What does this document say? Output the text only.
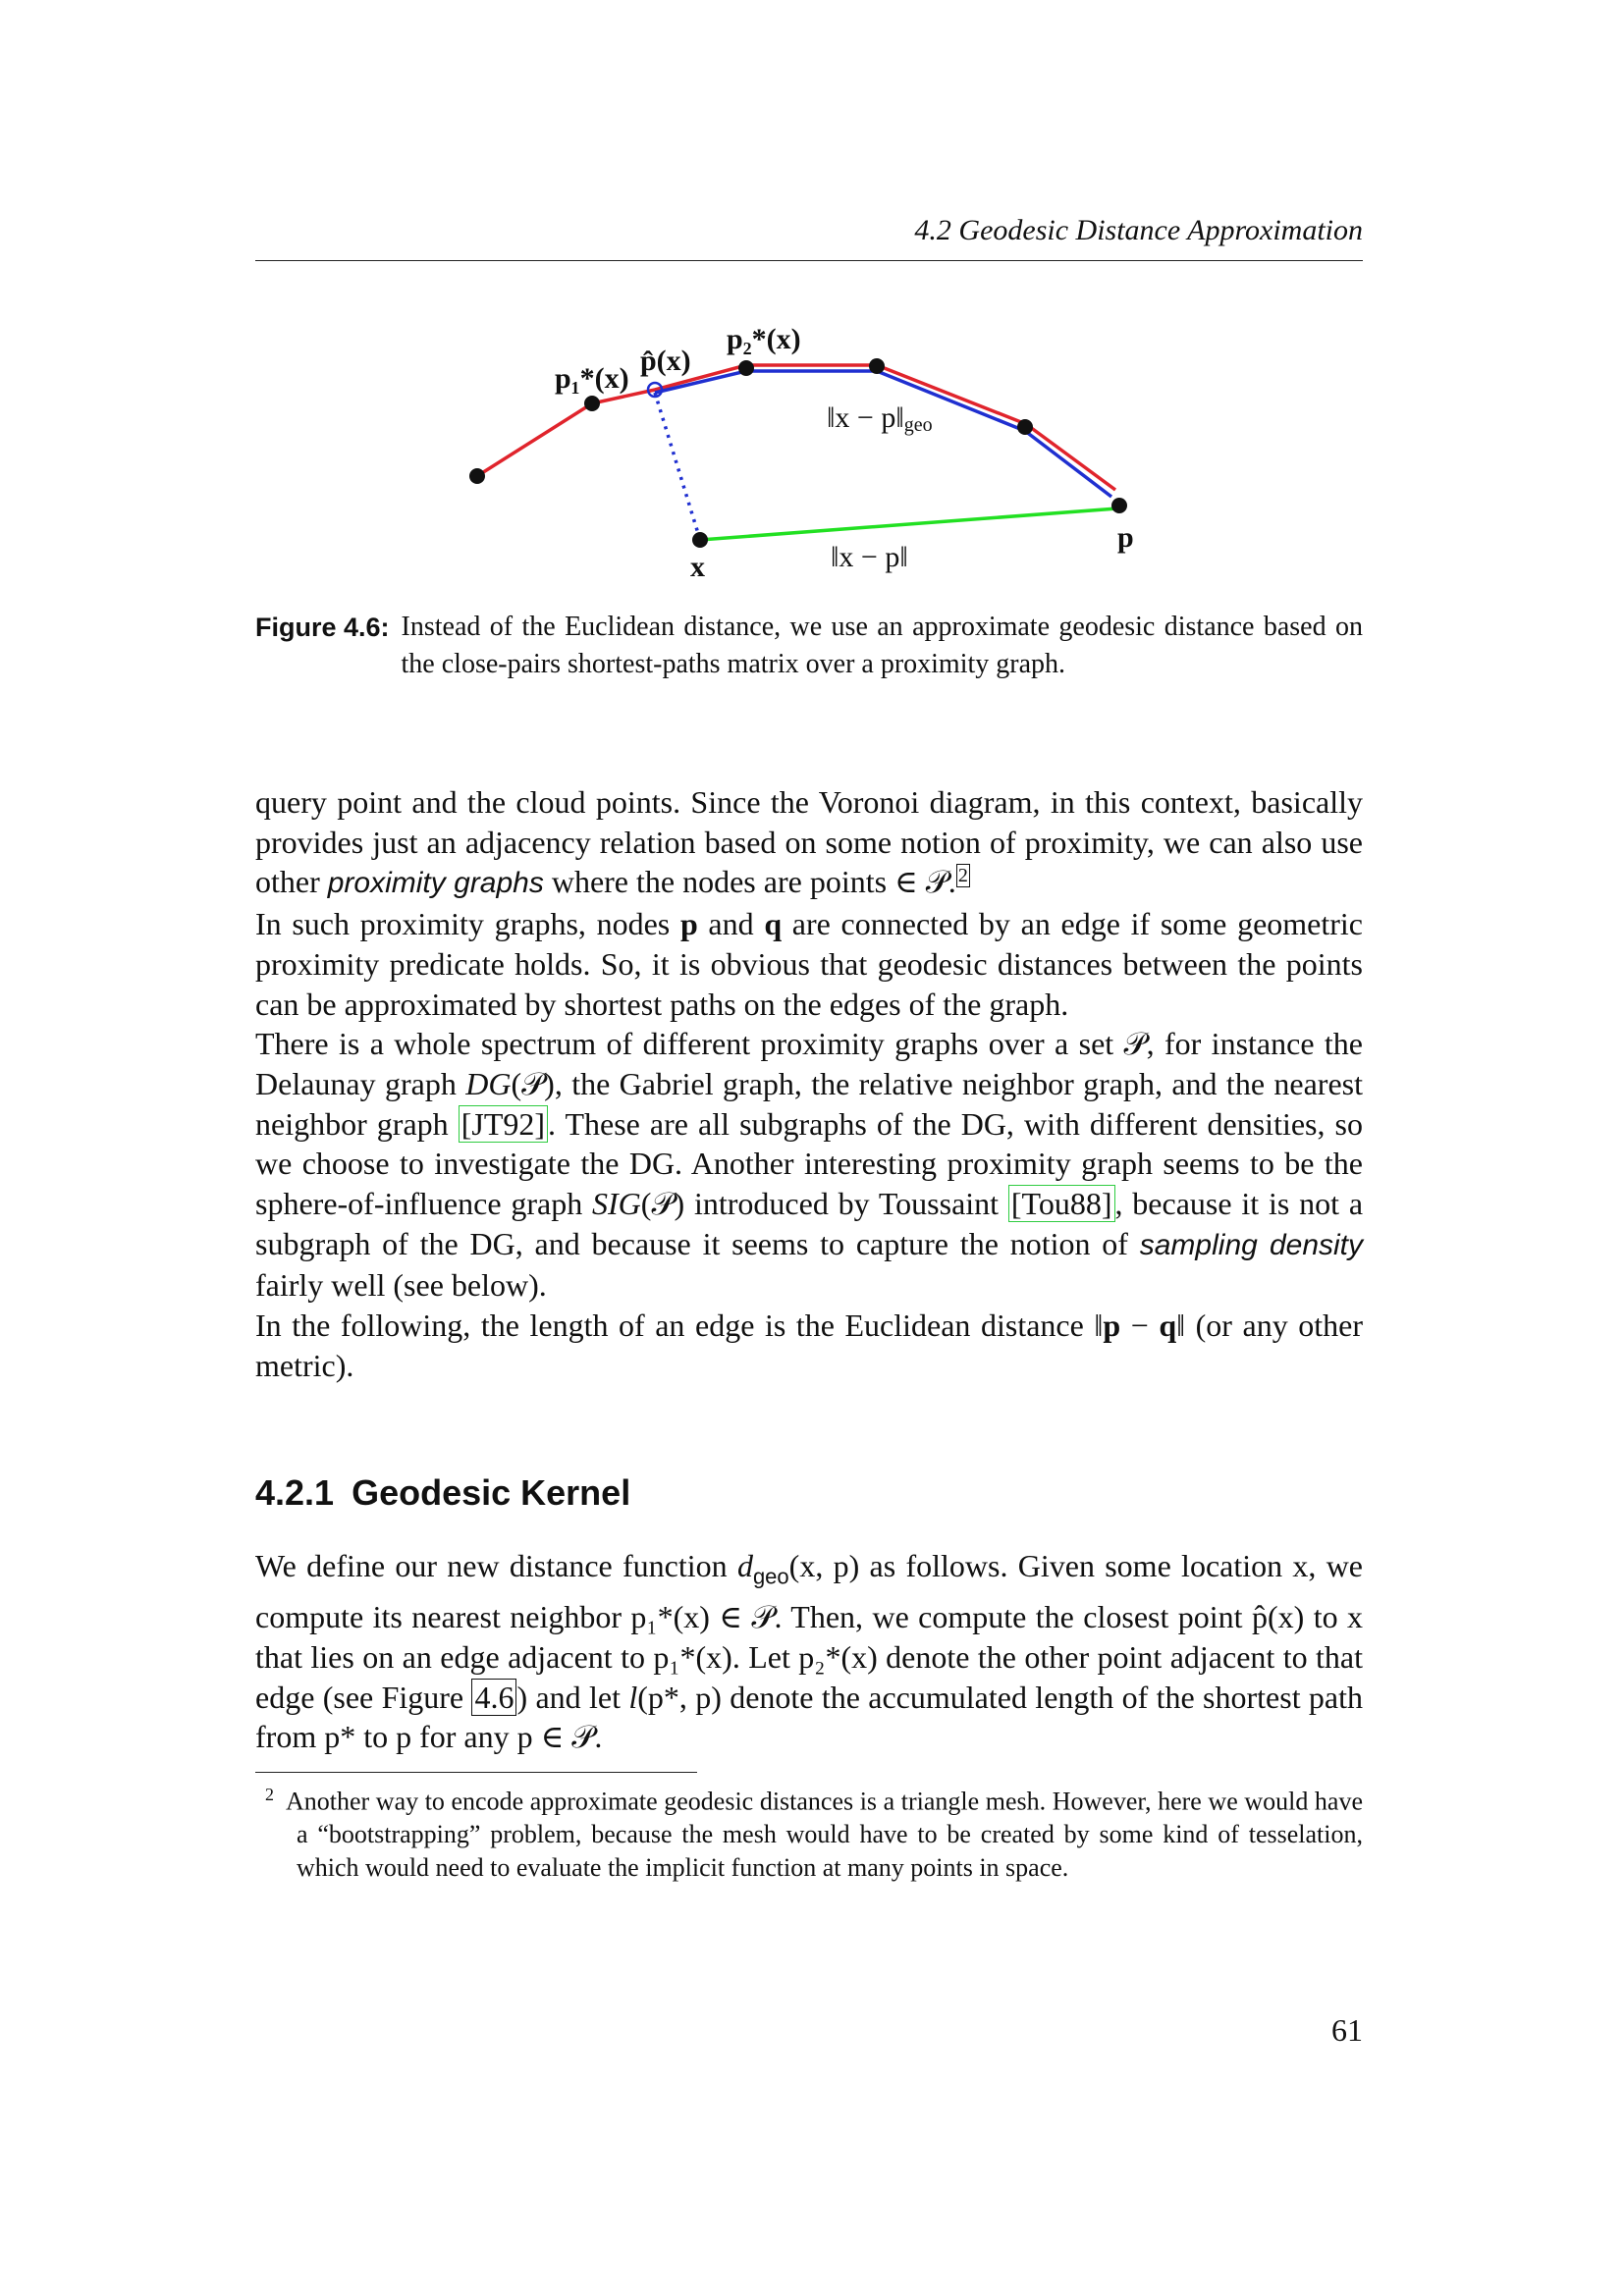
4.2 Geodesic Distance Approximation
p₁*(x)
p̂(x)
p₂*(x)
‖x − p‖geo
x
p
‖x − p‖
Figure 4.6: Instead of the Euclidean distance, we use an approximate geodesic distance based on the close-pairs shortest-paths matrix over a proximity graph.

query point and the cloud points. Since the Voronoi diagram, in this context, basically provides just an adjacency relation based on some notion of proximity, we can also use other proximity graphs where the nodes are points ∈ 𝒫. $^2$

In such proximity graphs, nodes p and q are connected by an edge if some geometric proximity predicate holds. So, it is obvious that geodesic distances between the points can be approximated by shortest paths on the edges of the graph.

There is a whole spectrum of different proximity graphs over a set 𝒫, for instance the Delaunay graph DG(𝒫), the Gabriel graph, the relative neighbor graph, and the nearest neighbor graph [JT92]. These are all subgraphs of the DG, with different densities, so we choose to investigate the DG. Another interesting proximity graph seems to be the sphere-of-influence graph SIG(𝒫) introduced by Toussaint [Tou88], because it is not a subgraph of the DG, and because it seems to capture the notion of sampling density fairly well (see below).

In the following, the length of an edge is the Euclidean distance ‖p − q‖ (or any other metric).

4.2.1 Geodesic Kernel

We define our new distance function $d_{geo}(x$, p) as follows. Given some location x, we compute its nearest neighbor p₁*(x) ∈ 𝒫. Then, we compute the closest point p̂(x) to x that lies on an edge adjacent to p₁*(x). Let p₂*(x) denote the other point adjacent to that edge (see Figure 4.6) and let l(p*, p) denote the accumulated length of the shortest path from p* to p for any p ∈ 𝒫.

$^2$ Another way to encode approximate geodesic distances is a triangle mesh. However, here we would have a “bootstrapping” problem, because the mesh would have to be created by some kind of tesselation, which would need to evaluate the implicit function at many points in space.
61
